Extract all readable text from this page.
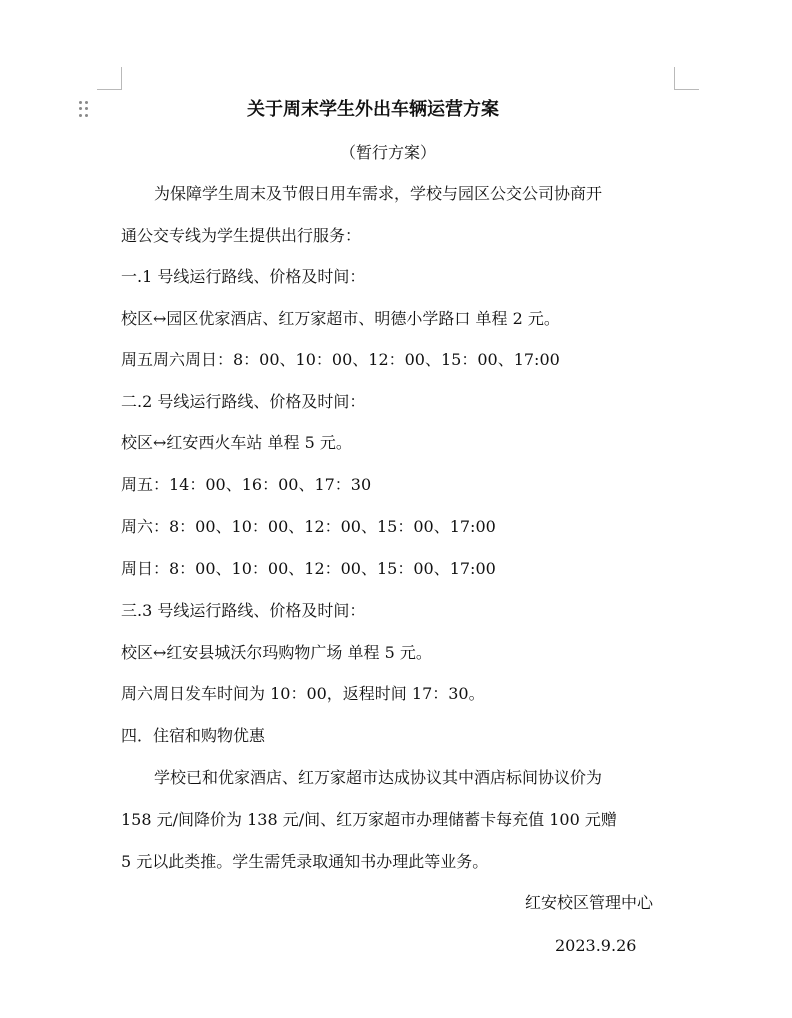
关于周末学生外出车辆运营方案
（暂行方案）
为保障学生周末及节假日用车需求，学校与园区公交公司协商开
通公交专线为学生提供出行服务：
一.1 号线运行路线、价格及时间：
校区↔园区优家酒店、红万家超市、明德小学路口 单程 2 元。
周五周六周日：8：00、10：00、12：00、15：00、17:00
二.2 号线运行路线、价格及时间：
校区↔红安西火车站 单程 5 元。
周五：14：00、16：00、17：30
周六：8：00、10：00、12：00、15：00、17:00
周日：8：00、10：00、12：00、15：00、17:00
三.3 号线运行路线、价格及时间：
校区↔红安县城沃尔玛购物广场 单程 5 元。
周六周日发车时间为 10：00，返程时间 17：30。
四．住宿和购物优惠
学校已和优家酒店、红万家超市达成协议其中酒店标间协议价为
158 元/间降价为 138 元/间、红万家超市办理储蓄卡每充值 100 元赠
5 元以此类推。学生需凭录取通知书办理此等业务。
红安校区管理中心
2023.9.26
